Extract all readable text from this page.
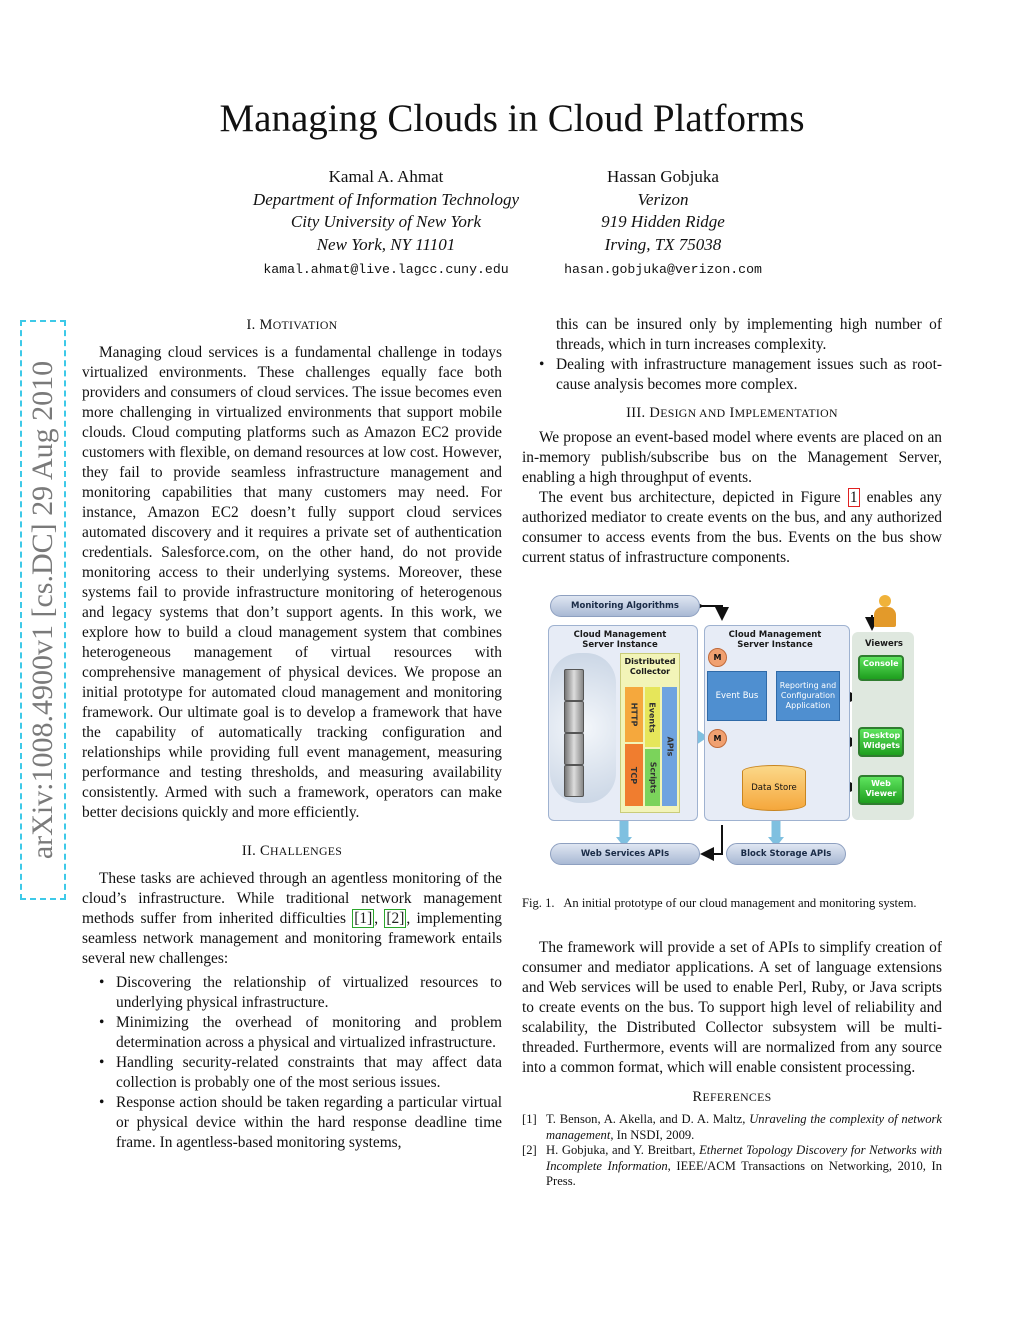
arXiv:1008.4900v1 [cs.DC] 29 Aug 2010
Managing Clouds in Cloud Platforms
Kamal A. Ahmat
Department of Information Technology
City University of New York
New York, NY 11101
kamal.ahmat@live.lagcc.cuny.edu
Hassan Gobjuka
Verizon
919 Hidden Ridge
Irving, TX 75038
hasan.gobjuka@verizon.com
I. MOTIVATION

Managing cloud services is a fundamental challenge in todays virtualized environments. These challenges equally face both providers and consumers of cloud services. The issue becomes even more challenging in virtualized environments that support mobile clouds. Cloud computing platforms such as Amazon EC2 provide customers with flexible, on demand resources at low cost. However, they fail to provide seamless infrastructure management and monitoring capabilities that many customers may need. For instance, Amazon EC2 doesn’t fully support cloud services automated discovery and it requires a private set of authentication credentials. Salesforce.com, on the other hand, do not provide monitoring access to their underlying systems. Moreover, these systems fail to provide infrastructure monitoring of heterogenous and legacy systems that don’t support agents. In this work, we explore how to build a cloud management system that combines heterogeneous management of virtual resources with comprehensive management of physical devices. We propose an initial prototype for automated cloud management and monitoring framework. Our ultimate goal is to develop a framework that have the capability of automatically tracking configuration and relationships while providing full event management, measuring performance and testing thresholds, and measuring availability consistently. Armed with such a framework, operators can make better decisions quickly and more efficiently.

II. CHALLENGES

These tasks are achieved through an agentless monitoring of the cloud’s infrastructure. While traditional network management methods suffer from inherited difficulties [1] , [2] , implementing seamless network management and monitoring framework entails several new challenges:

• Discovering the relationship of virtualized resources to underlying physical infrastructure.
• Minimizing the overhead of monitoring and problem determination across a physical and virtualized infrastructure.
• Handling security-related constraints that may affect data collection is probably one of the most serious issues.
• Response action should be taken regarding a particular virtual or physical device within the hard response deadline time frame. In agentless-based monitoring systems,
this can be insured only by implementing high number of threads, which in turn increases complexity.
• Dealing with infrastructure management issues such as root-cause analysis becomes more complex.
III. DESIGN AND IMPLEMENTATION

We propose an event-based model where events are placed on an in-memory publish/subscribe bus on the Management Server, enabling a high throughput of events.

The event bus architecture, depicted in Figure 1 enables any authorized mediator to create events on the bus, and any authorized consumer to access events from the bus. Events on the bus show current status of infrastructure components.

Monitoring Algorithms
Cloud Management Server Instance
Distributed Collector
HTTP
TCP
Events
Scripts
APIs
Cloud Management Server Instance
M
M
Event Bus
Reporting and Configuration Application
Data Store
Viewers
Console
Desktop Widgets
Web Viewer
Web Services APIs	Block Storage APIs
Fig. 1. An initial prototype of our cloud management and monitoring system.

The framework will provide a set of APIs to simplify creation of consumer and mediator applications. A set of language extensions and Web services will be used to enable Perl, Ruby, or Java scripts to create events on the bus. To support high level of reliability and scalability, the Distributed Collector subsystem will be multi-threaded. Furthermore, events will are normalized from any source into a common format, which will enable consistent processing.

REFERENCES
[1] T. Benson, A. Akella, and D. A. Maltz, Unraveling the complexity of network management, In NSDI, 2009.
[2] H. Gobjuka, and Y. Breitbart, Ethernet Topology Discovery for Networks with Incomplete Information, IEEE/ACM Transactions on Networking, 2010, In Press.
